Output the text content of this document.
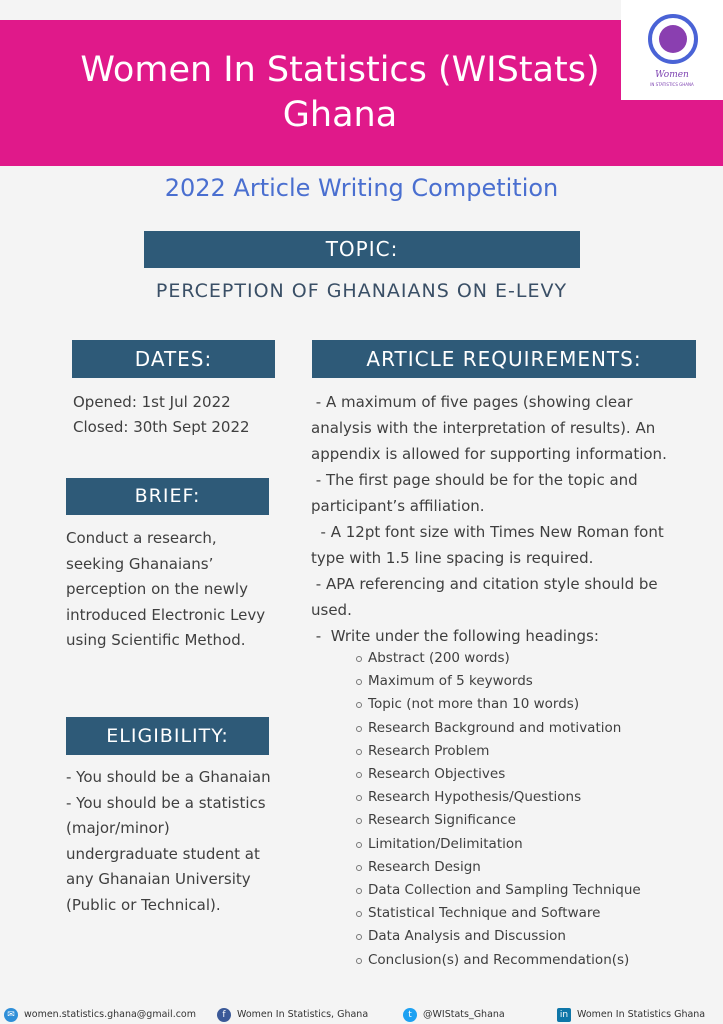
Women In Statistics (WIStats)
Ghana
Women
IN STATISTICS GHANA
2022 Article Writing Competition
TOPIC:
PERCEPTION OF GHANAIANS ON E-LEVY
DATES:
Opened: 1st Jul 2022
Closed: 30th Sept 2022
BRIEF:
Conduct a research, seeking Ghanaians’ perception on the newly introduced Electronic Levy using Scientific Method.
ELIGIBILITY:
- You should be a Ghanaian
- You should be a statistics (major/minor) undergraduate student at any Ghanaian University (Public or Technical).
ARTICLE REQUIREMENTS:

- A maximum of five pages (showing clear analysis with the interpretation of results). An appendix is allowed for supporting information.

- The first page should be for the topic and participant’s affiliation.

- A 12pt font size with Times New Roman font type with 1.5 line spacing is required.

- APA referencing and citation style should be used.

-  Write under the following headings:

Abstract (200 words)
Maximum of 5 keywords
Topic (not more than 10 words)
Research Background and motivation
Research Problem
Research Objectives
Research Hypothesis/Questions
Research Significance
Limitation/Delimitation
Research Design
Data Collection and Sampling Technique
Statistical Technique and Software
Data Analysis and Discussion
Conclusion(s) and Recommendation(s)
✉ women.statistics.ghana@gmail.com	f Women In Statistics, Ghana	t @WIStats_Ghana	in Women In Statistics Ghana
